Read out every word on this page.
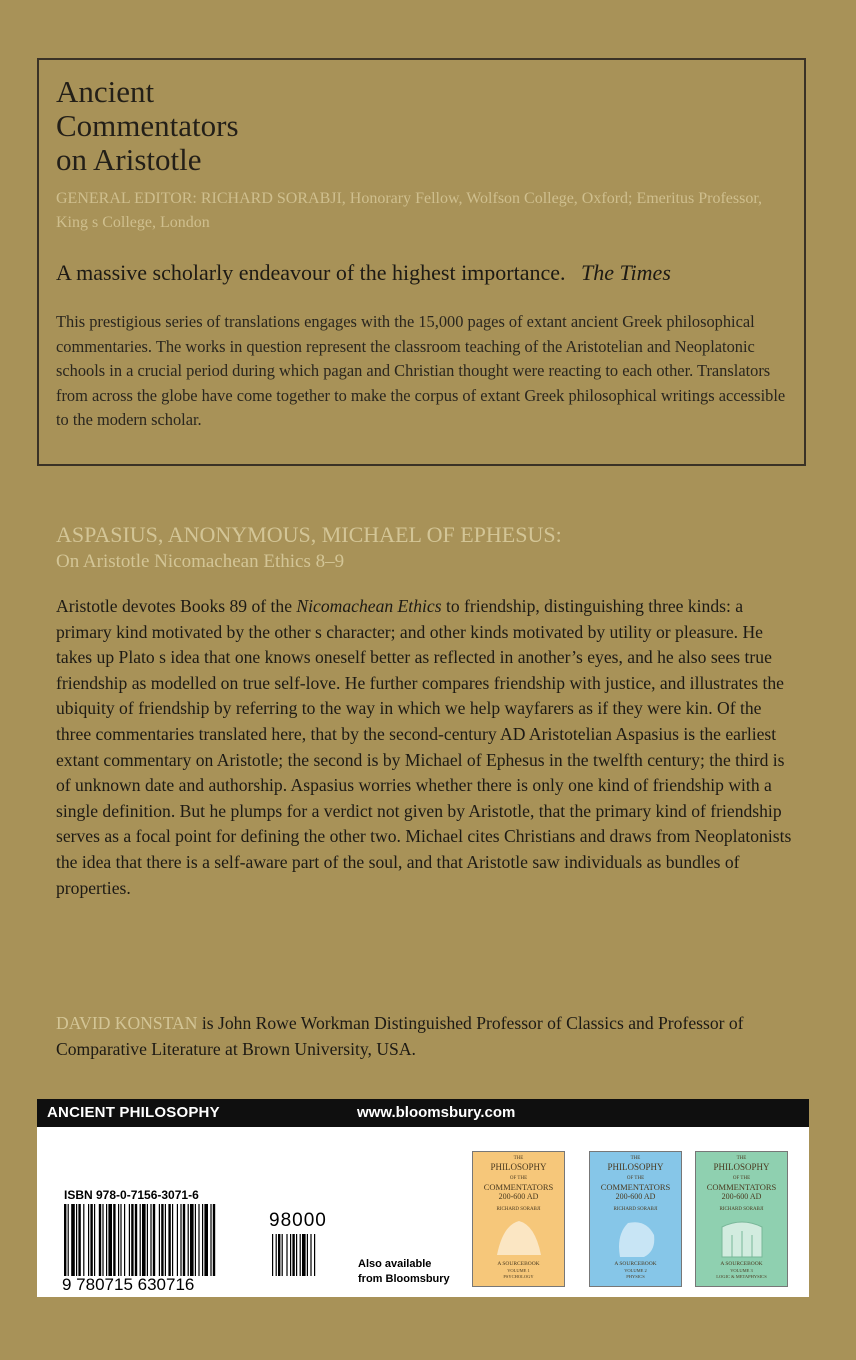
Ancient
Commentators
on Aristotle
GENERAL EDITOR: RICHARD SORABJI, Honorary Fellow, Wolfson College, Oxford; Emeritus Professor, King s College, London
A massive scholarly endeavour of the highest importance. The Times
This prestigious series of translations engages with the 15,000 pages of extant ancient Greek philosophical commentaries. The works in question represent the classroom teaching of the Aristotelian and Neoplatonic schools in a crucial period during which pagan and Christian thought were reacting to each other. Translators from across the globe have come together to make the corpus of extant Greek philosophical writings accessible to the modern scholar.
ASPASIUS, ANONYMOUS, MICHAEL OF EPHESUS:
On Aristotle Nicomachean Ethics 8–9
Aristotle devotes Books 89 of the Nicomachean Ethics to friendship, distinguishing three kinds: a primary kind motivated by the other s character; and other kinds motivated by utility or pleasure. He takes up Plato s idea that one knows oneself better as reflected in another’s eyes, and he also sees true friendship as modelled on true self-love. He further compares friendship with justice, and illustrates the ubiquity of friendship by referring to the way in which we help wayfarers as if they were kin. Of the three commentaries translated here, that by the second-century AD Aristotelian Aspasius is the earliest extant commentary on Aristotle; the second is by Michael of Ephesus in the twelfth century; the third is of unknown date and authorship. Aspasius worries whether there is only one kind of friendship with a single definition. But he plumps for a verdict not given by Aristotle, that the primary kind of friendship serves as a focal point for defining the other two. Michael cites Christians and draws from Neoplatonists the idea that there is a self-aware part of the soul, and that Aristotle saw individuals as bundles of properties.
DAVID KONSTAN is John Rowe Workman Distinguished Professor of Classics and Professor of Comparative Literature at Brown University, USA.
ANCIENT PHILOSOPHY	www.bloomsbury.com
ISBN 978-0-7156-3071-6
9 780715 630716
98000
Also available
from Bloomsbury
THE
PHILOSOPHY
OF THE
COMMENTATORS
200-600 AD
RICHARD SORABJI
A SOURCEBOOK
VOLUME 1
PSYCHOLOGY
THE
PHILOSOPHY
OF THE
COMMENTATORS
200-600 AD
RICHARD SORABJI
A SOURCEBOOK
VOLUME 2
PHYSICS
THE
PHILOSOPHY
OF THE
COMMENTATORS
200-600 AD
RICHARD SORABJI
A SOURCEBOOK
VOLUME 3
LOGIC & METAPHYSICS
